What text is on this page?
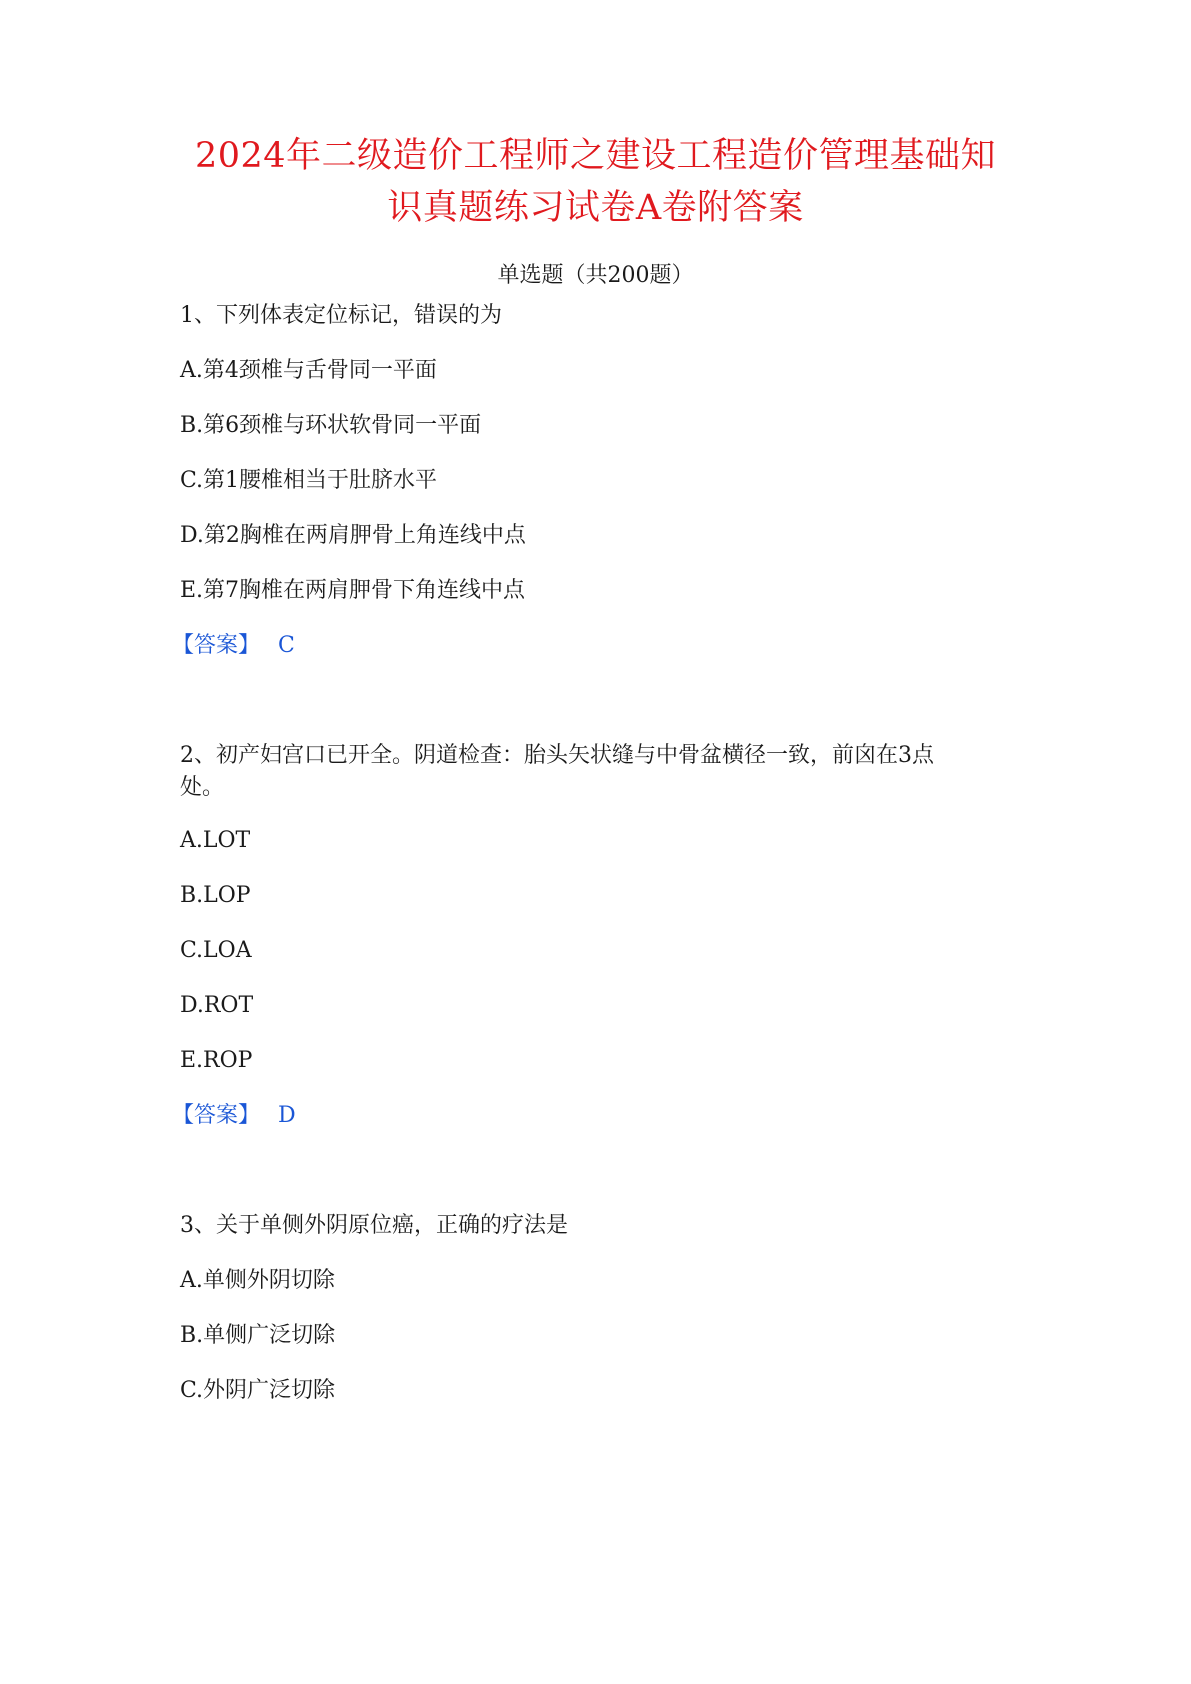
2024年二级造价工程师之建设工程造价管理基础知
识真题练习试卷A卷附答案
单选题（共200题）
1、下列体表定位标记，错误的为
A.第4颈椎与舌骨同一平面
B.第6颈椎与环状软骨同一平面
C.第1腰椎相当于肚脐水平
D.第2胸椎在两肩胛骨上角连线中点
E.第7胸椎在两肩胛骨下角连线中点
【答案】 C
2、初产妇宫口已开全。阴道检查：胎头矢状缝与中骨盆横径一致，前囟在3点
处。
A.LOT
B.LOP
C.LOA
D.ROT
E.ROP
【答案】 D
3、关于单侧外阴原位癌，正确的疗法是
A.单侧外阴切除
B.单侧广泛切除
C.外阴广泛切除
